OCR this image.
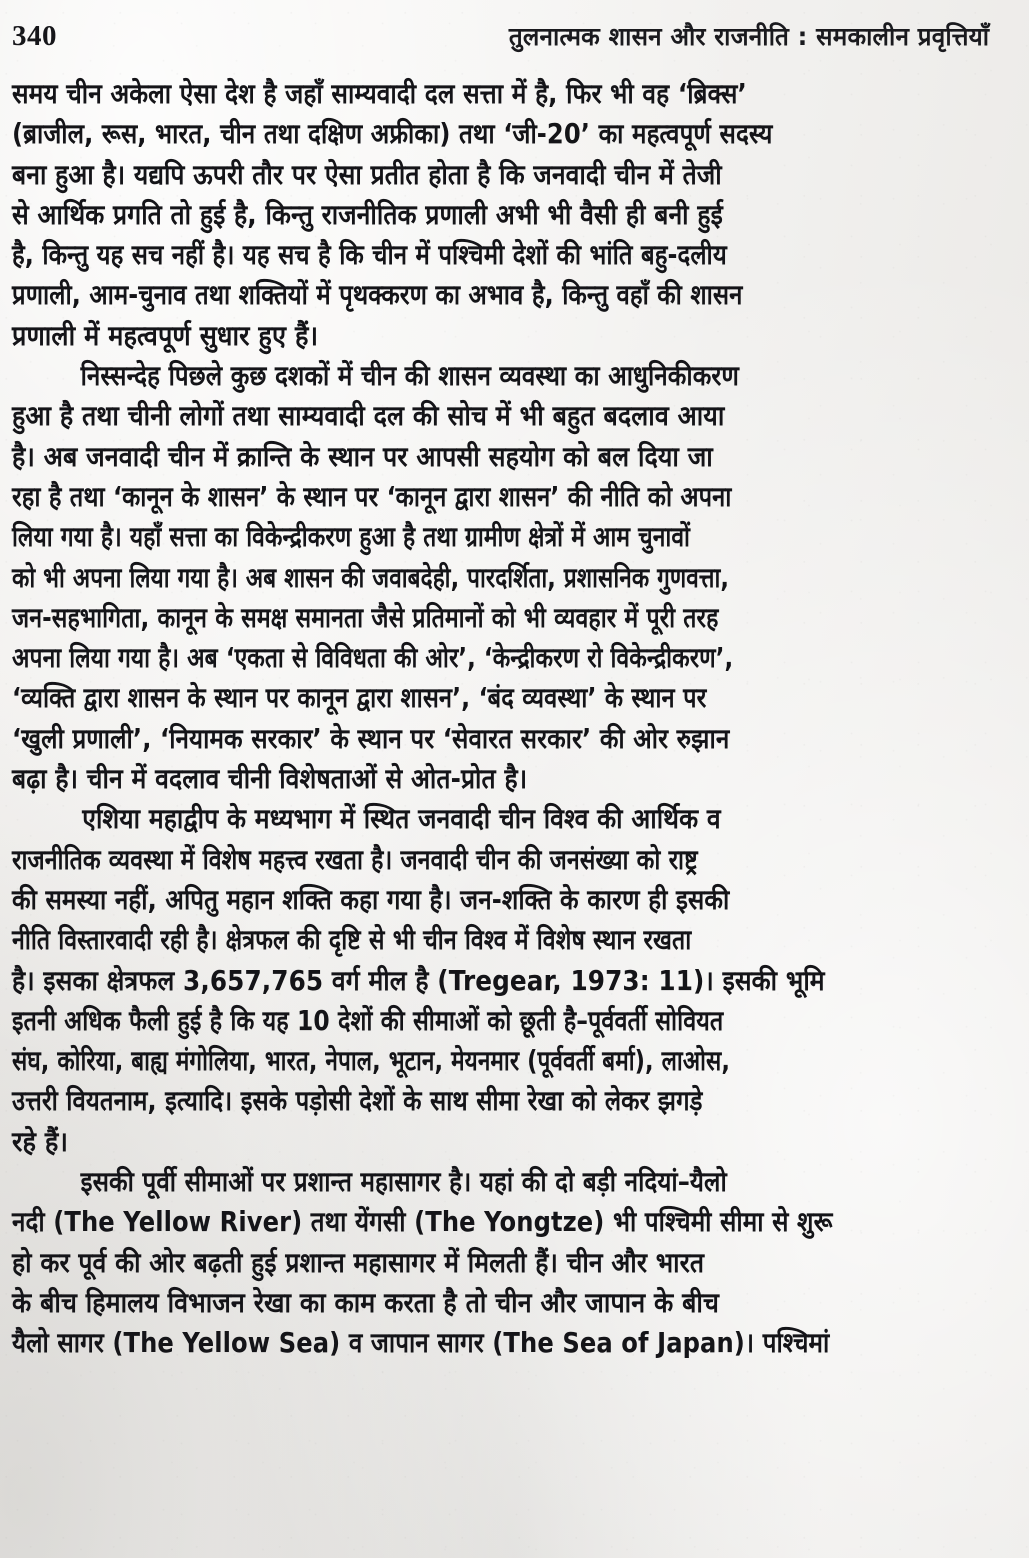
340	तुलनात्मक शासन और राजनीति : समकालीन प्रवृत्तियाँ
समय चीन अकेला ऐसा देश है जहाँ साम्यवादी दल सत्ता में है, फिर भी वह ‘ब्रिक्स’
(ब्राजील, रूस, भारत, चीन तथा दक्षिण अफ्रीका) तथा ‘जी-20’ का महत्वपूर्ण सदस्य
बना हुआ है। यद्यपि ऊपरी तौर पर ऐसा प्रतीत होता है कि जनवादी चीन में तेजी
से आर्थिक प्रगति तो हुई है, किन्तु राजनीतिक प्रणाली अभी भी वैसी ही बनी हुई
है, किन्तु यह सच नहीं है। यह सच है कि चीन में पश्चिमी देशों की भांति बहु-दलीय
प्रणाली, आम-चुनाव तथा शक्तियों में पृथक्करण का अभाव है, किन्तु वहाँ की शासन
प्रणाली में महत्वपूर्ण सुधार हुए हैं।
निस्सन्देह पिछले कुछ दशकों में चीन की शासन व्यवस्था का आधुनिकीकरण
हुआ है तथा चीनी लोगों तथा साम्यवादी दल की सोच में भी बहुत बदलाव आया
है। अब जनवादी चीन में क्रान्ति के स्थान पर आपसी सहयोग को बल दिया जा
रहा है तथा ‘कानून के शासन’ के स्थान पर ‘कानून द्वारा शासन’ की नीति को अपना
लिया गया है। यहाँ सत्ता का विकेन्द्रीकरण हुआ है तथा ग्रामीण क्षेत्रों में आम चुनावों
को भी अपना लिया गया है। अब शासन की जवाबदेही, पारदर्शिता, प्रशासनिक गुणवत्ता,
जन-सहभागिता, कानून के समक्ष समानता जैसे प्रतिमानों को भी व्यवहार में पूरी तरह
अपना लिया गया है। अब ‘एकता से विविधता की ओर’, ‘केन्द्रीकरण रो विकेन्द्रीकरण’,
‘व्यक्ति द्वारा शासन के स्थान पर कानून द्वारा शासन’, ‘बंद व्यवस्था’ के स्थान पर
‘खुली प्रणाली’, ‘नियामक सरकार’ के स्थान पर ‘सेवारत सरकार’ की ओर रुझान
बढ़ा है। चीन में वदलाव चीनी विशेषताओं से ओत-प्रोत है।
एशिया महाद्वीप के मध्यभाग में स्थित जनवादी चीन विश्व की आर्थिक व
राजनीतिक व्यवस्था में विशेष महत्त्व रखता है। जनवादी चीन की जनसंख्या को राष्ट्र
की समस्या नहीं, अपितु महान शक्ति कहा गया है। जन-शक्ति के कारण ही इसकी
नीति विस्तारवादी रही है। क्षेत्रफल की दृष्टि से भी चीन विश्व में विशेष स्थान रखता
है। इसका क्षेत्रफल 3,657,765 वर्ग मील है (Tregear, 1973: 11)। इसकी भूमि
इतनी अधिक फैली हुई है कि यह 10 देशों की सीमाओं को छूती है–पूर्ववर्ती सोवियत
संघ, कोरिया, बाह्य मंगोलिया, भारत, नेपाल, भूटान, मेयनमार (पूर्ववर्ती बर्मा), लाओस,
उत्तरी वियतनाम, इत्यादि। इसके पड़ोसी देशों के साथ सीमा रेखा को लेकर झगड़े
रहे हैं।
इसकी पूर्वी सीमाओं पर प्रशान्त महासागर है। यहां की दो बड़ी नदियां–यैलो
नदी (The Yellow River) तथा येंगसी (The Yongtze) भी पश्चिमी सीमा से शुरू
हो कर पूर्व की ओर बढ़ती हुई प्रशान्त महासागर में मिलती हैं। चीन और भारत
के बीच हिमालय विभाजन रेखा का काम करता है तो चीन और जापान के बीच
यैलो सागर (The Yellow Sea) व जापान सागर (The Sea of Japan)। पश्चिमां
